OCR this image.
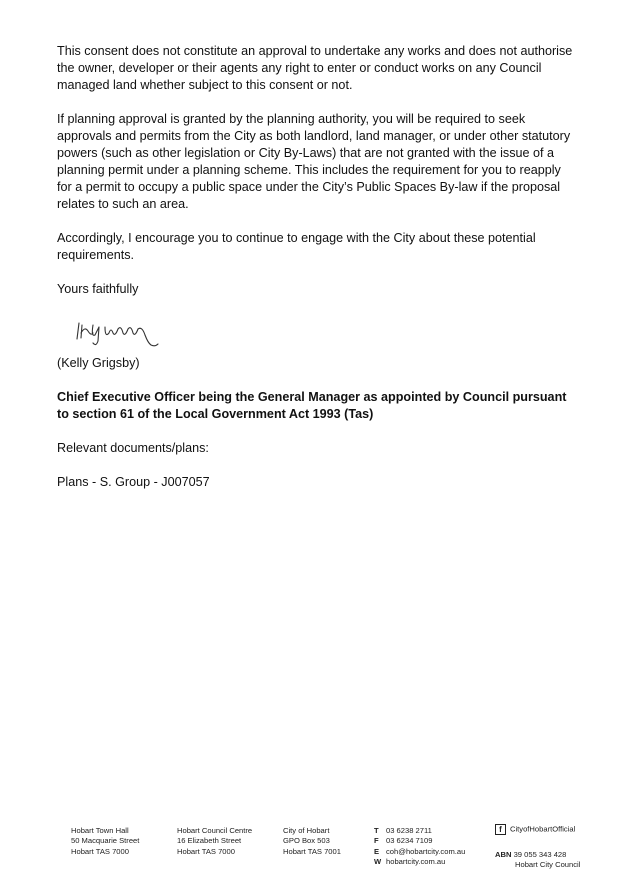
This consent does not constitute an approval to undertake any works and does not authorise the owner, developer or their agents any right to enter or conduct works on any Council managed land whether subject to this consent or not.

If planning approval is granted by the planning authority, you will be required to seek approvals and permits from the City as both landlord, land manager, or under other statutory powers (such as other legislation or City By-Laws) that are not granted with the issue of a planning permit under a planning scheme. This includes the requirement for you to reapply for a permit to occupy a public space under the City’s Public Spaces By-law if the proposal relates to such an area.

Accordingly, I encourage you to continue to engage with the City about these potential requirements.

Yours faithfully

(Kelly Grigsby)

Chief Executive Officer being the General Manager as appointed by Council pursuant to section 61 of the Local Government Act 1993 (Tas)

Relevant documents/plans:

Plans - S. Group - J007057

Hobart Town Hall
50 Macquarie Street
Hobart TAS 7000
Hobart Council Centre
16 Elizabeth Street
Hobart TAS 7000
City of Hobart
GPO Box 503
Hobart TAS 7001
T 03 6238 2711
F 03 6234 7109
E coh@hobartcity.com.au
W hobartcity.com.au
f CityofHobartOfficial
ABN 39 055 343 428
Hobart City Council
